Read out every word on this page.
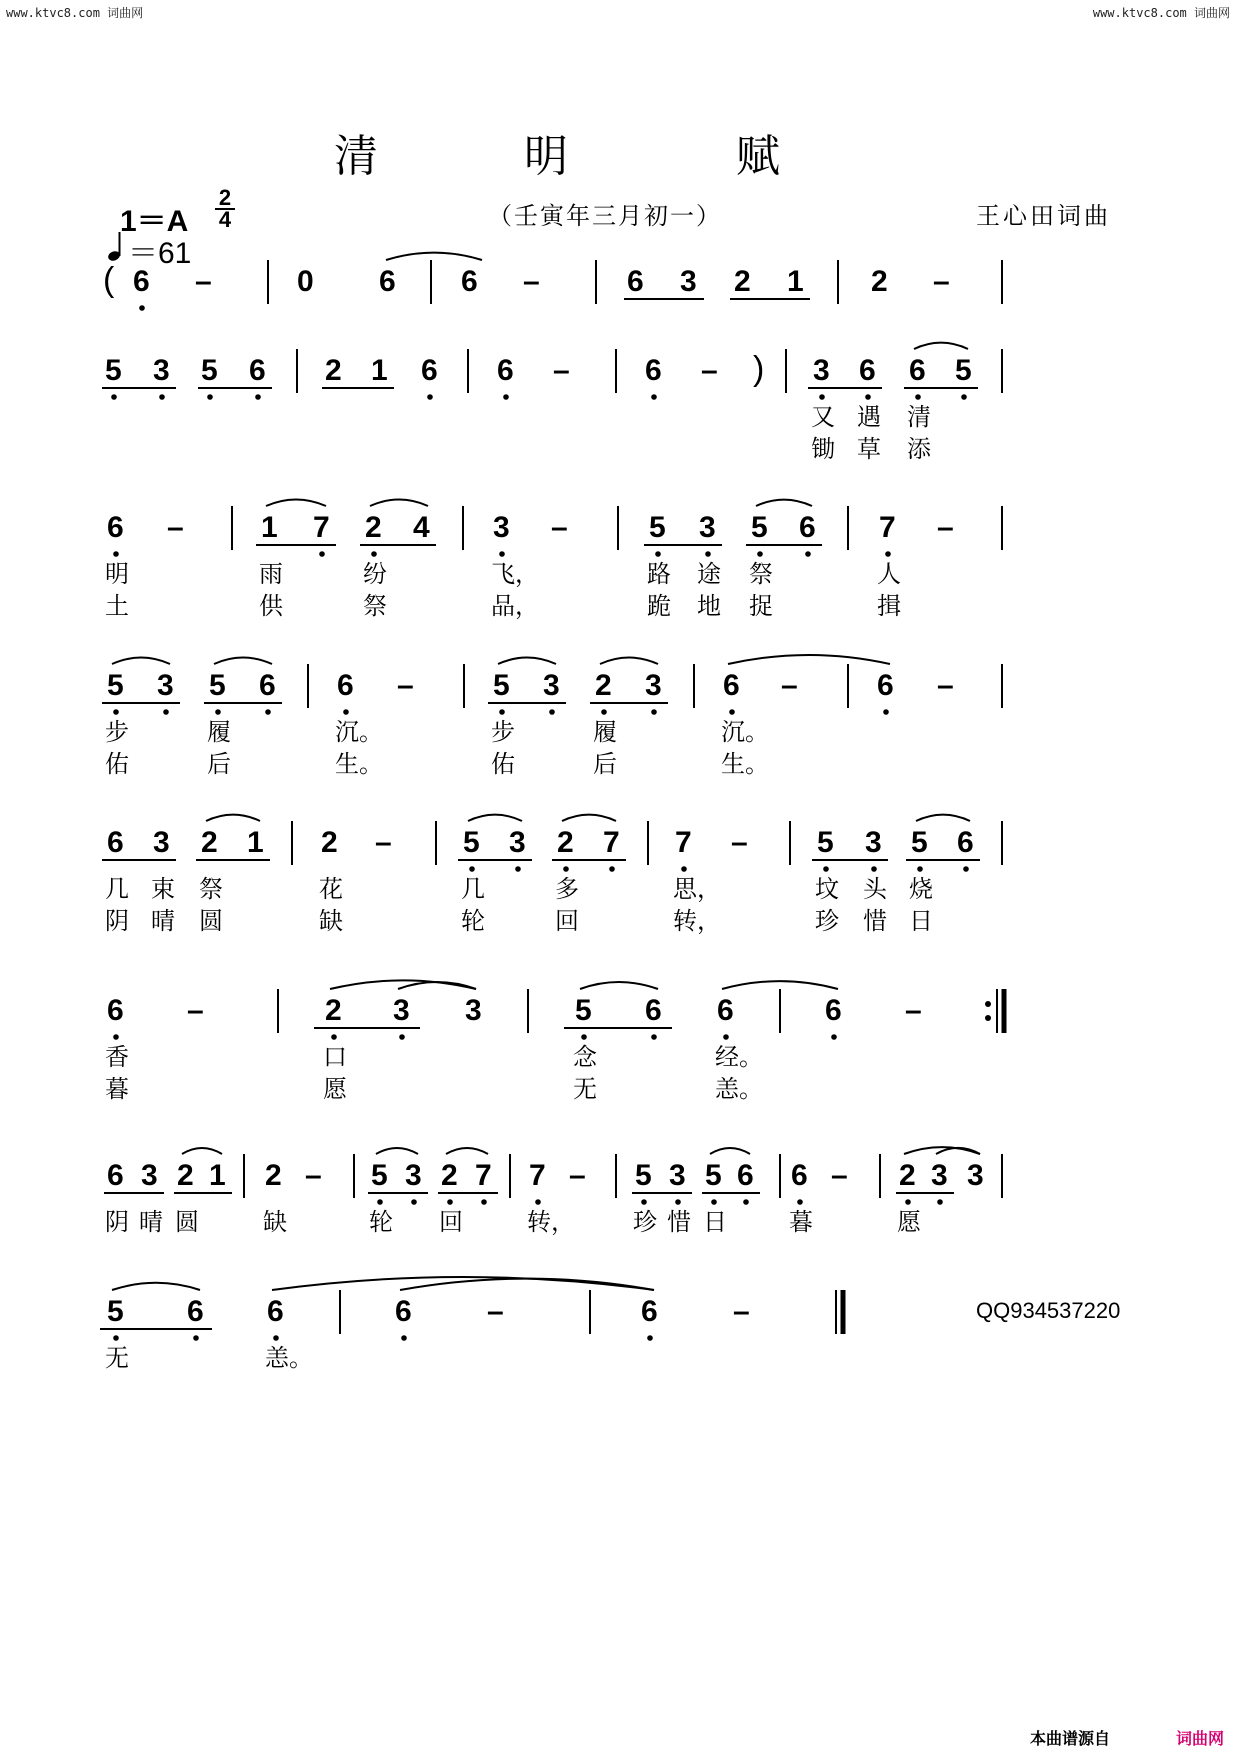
www.ktvc8.com 词曲网	www.ktvc8.com 词曲网
清	明	赋
（壬寅年三月初一）	王心田词曲
1＝A
2
4
＝61
( 6 –	0 6 6 –	6 3 2 1 2 –
5 3 5 6 2 1 6 6 –	6 – ) 3 6 6 5
又 遇 清
锄 草 添
6 –	1 7 2 4 3 –	5 3 5 6 7 –
明	雨	纷	飞，	路 途 祭	人
土	供	祭	品，	跪 地 捉	揖
5 3 5 6 6 –	5 3 2 3 6 –	6 –
步	履	沉。	步	履	沉。
佑	后	生。	佑	后	生。
6 3 2 1 2 – 5 3 2 7 7 – 5 3 5 6
几 束 祭	花	几	多	思，	坟 头 烧
阴 晴 圆	缺	轮	回	转，	珍 惜 日
6 –	2 3 3	5 6 6	6 –
香	口	念	经。
暮	愿	无	恙。
6 3 2 1 2 – 5 3 2 7 7 – 5 3 5 6 6 – 2 3 3
阴 晴 圆	缺	轮 回	转， 珍 惜 日	暮	愿
5 6 6	6	–	6	–
无	恙。
QQ934537220
本曲谱源自	词曲网
